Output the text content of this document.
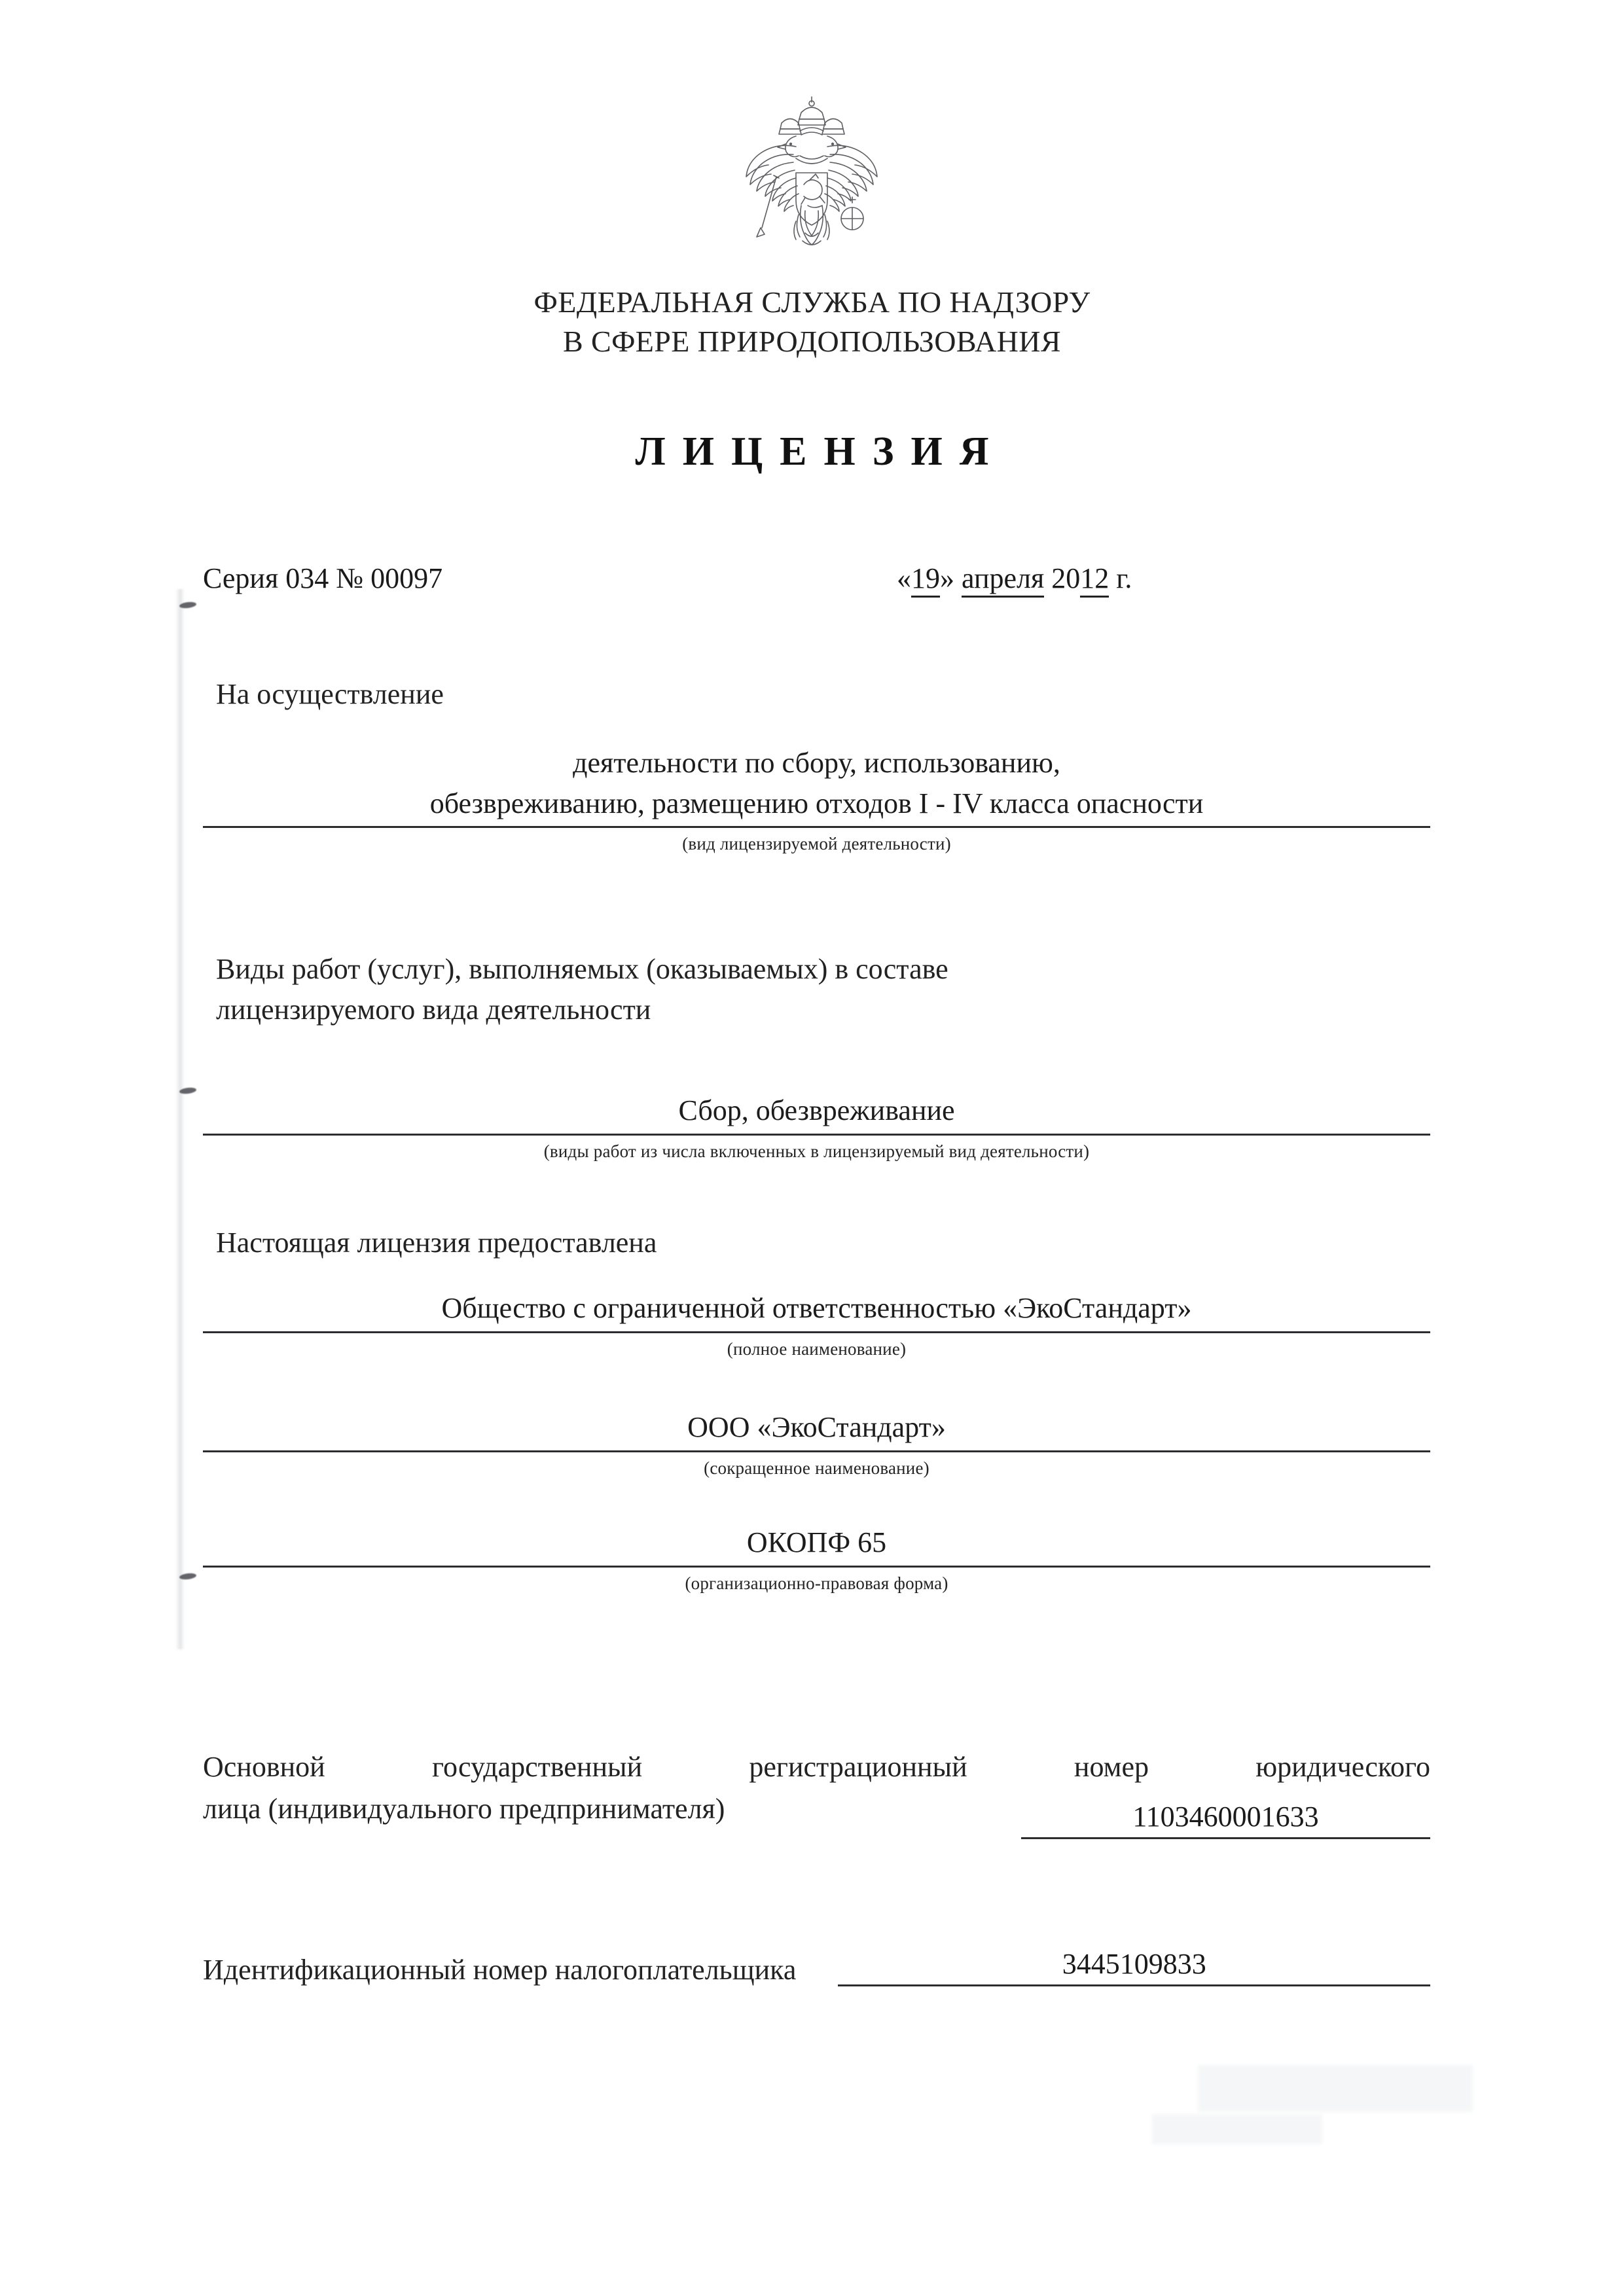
ФЕДЕРАЛЬНАЯ СЛУЖБА ПО НАДЗОРУ
В СФЕРЕ ПРИРОДОПОЛЬЗОВАНИЯ
ЛИЦЕНЗИЯ
Серия 034 № 00097	«19» апреля 2012 г.
На осуществление
деятельности по сбору, использованию,
обезвреживанию, размещению отходов I - IV класса опасности
(вид лицензируемой деятельности)
Виды работ (услуг), выполняемых (оказываемых) в составе
лицензируемого вида деятельности
Сбор, обезвреживание
(виды работ из числа включенных в лицензируемый вид деятельности)
Настоящая лицензия предоставлена
Общество с ограниченной ответственностью «ЭкоСтандарт»
(полное наименование)
ООО «ЭкоСтандарт»
(сокращенное наименование)
ОКОПФ 65
(организационно-правовая форма)
Основной государственный регистрационный номер юридического
лица (индивидуального предпринимателя)	1103460001633
Идентификационный номер налогоплательщика	3445109833
